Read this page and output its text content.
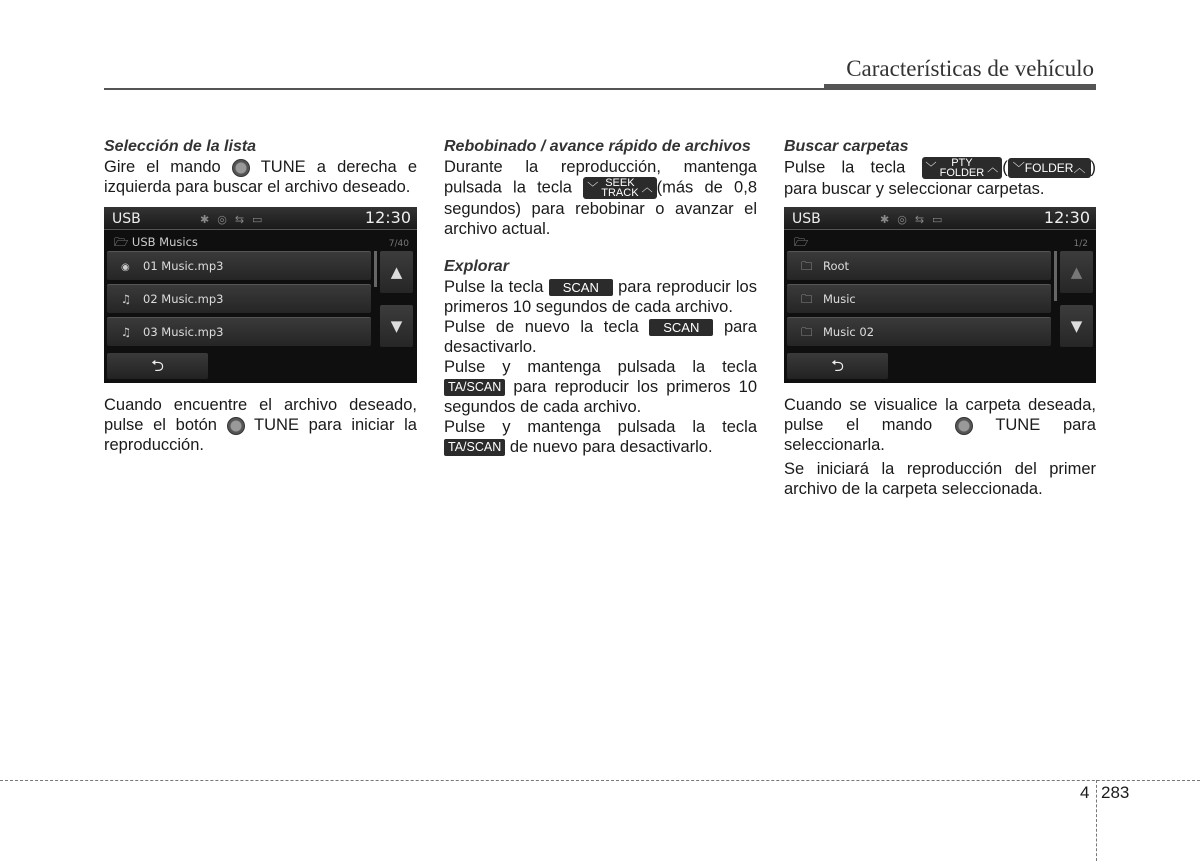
Características de vehículo

Selección de la lista

Gire el mando TUNE a derecha e izquierda para buscar el archivo deseado.

USB	✱◎⇆▭	12:30
🗁 USB Musics	7/40
◉ 01 Music.mp3
♫ 02 Music.mp3
♫ 03 Music.mp3
▲
▼
⮌

Cuando encuentre el archivo deseado, pulse el botón TUNE para iniciar la reproducción.

Rebobinado / avance rápido de archivos

Durante la reproducción, mantenga pulsada la tecla ﹀ SEEK
TRACK ︿ (más de 0,8 segundos) para rebobinar o avanzar el archivo actual.

Explorar

Pulse la tecla SCAN para reproducir los primeros 10 segundos de cada archivo.

Pulse de nuevo la tecla SCAN para desactivarlo.

Pulse y mantenga pulsada la tecla TA/SCAN para reproducir los primeros 10 segundos de cada archivo.

Pulse y mantenga pulsada la tecla TA/SCAN de nuevo para desactivarlo.

Buscar carpetas

Pulse la tecla ﹀ PTY
FOLDER ︿ ( ﹀FOLDER︿ ) para buscar y seleccionar carpetas.

USB	✱◎⇆▭	12:30
🗁	1/2
🗀 Root
🗀 Music
🗀 Music 02
▲
▼
⮌

Cuando se visualice la carpeta deseada, pulse el mando	TUNE para seleccionarla.

Se iniciará la reproducción del primer archivo de la carpeta seleccionada.

4 283
